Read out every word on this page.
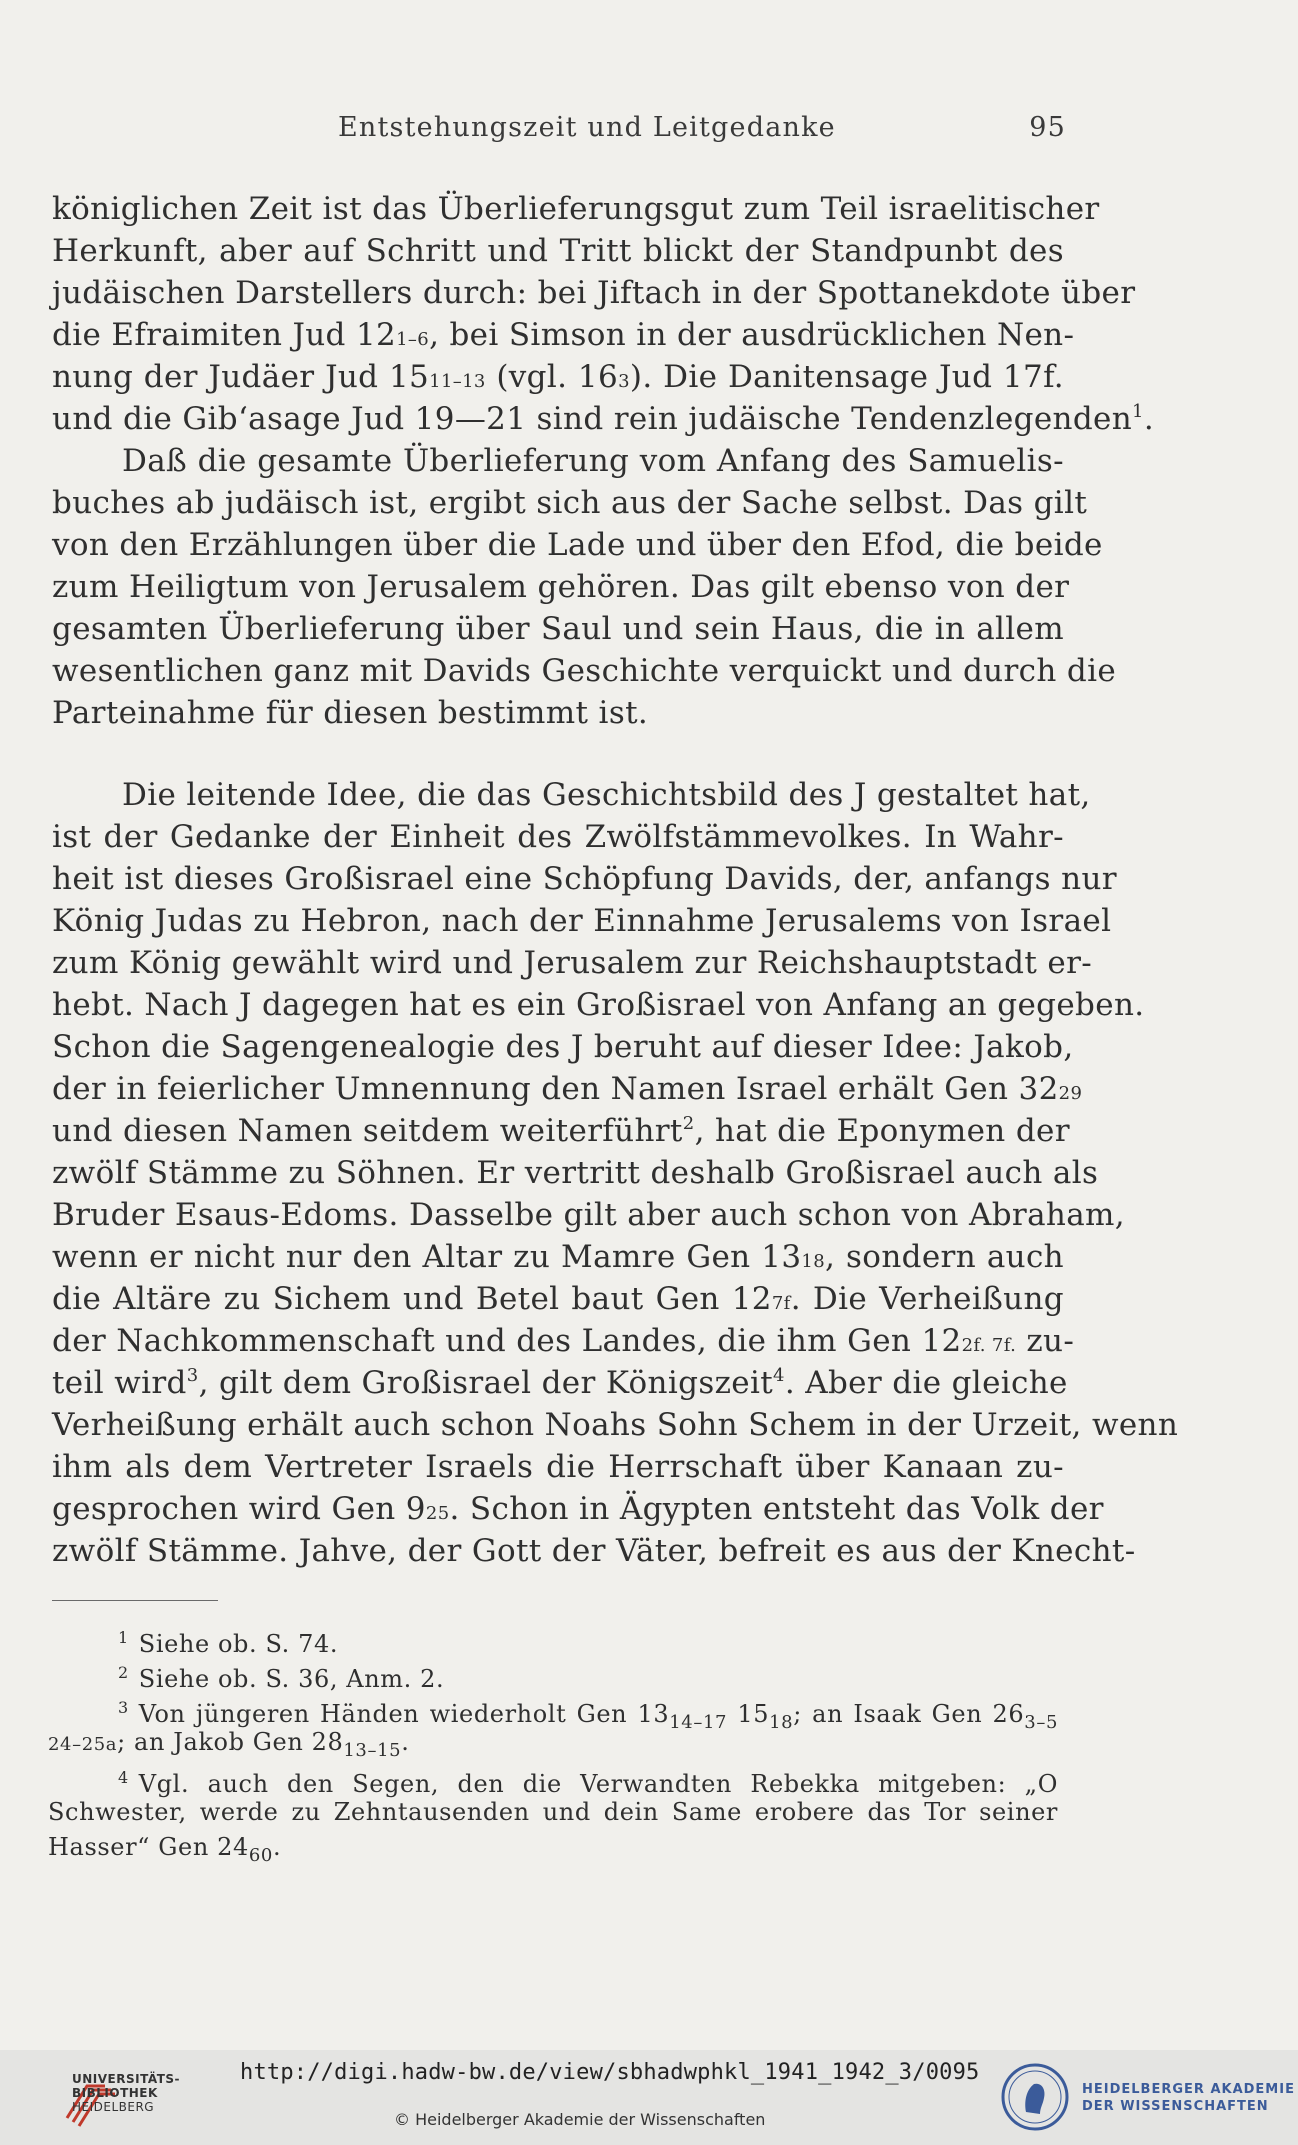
Entstehungszeit und Leitgedanke	95
königlichen Zeit ist das Überlieferungsgut zum Teil israelitischer
Herkunft, aber auf Schritt und Tritt blickt der Standpunbt des
judäischen Darstellers durch: bei Jiftach in der Spottanekdote über
die Efraimiten Jud 121–6, bei Simson in der ausdrücklichen Nen-
nung der Judäer Jud 1511–13 (vgl. 163). Die Danitensage Jud 17f.
und die Gib‘asage Jud 19—21 sind rein judäische Tendenzlegenden$^1$.
Daß die gesamte Überlieferung vom Anfang des Samuelis-
buches ab judäisch ist, ergibt sich aus der Sache selbst. Das gilt
von den Erzählungen über die Lade und über den Efod, die beide
zum Heiligtum von Jerusalem gehören. Das gilt ebenso von der
gesamten Überlieferung über Saul und sein Haus, die in allem
wesentlichen ganz mit Davids Geschichte verquickt und durch die
Parteinahme für diesen bestimmt ist.
Die leitende Idee, die das Geschichtsbild des J gestaltet hat,
ist der Gedanke der Einheit des Zwölfstämmevolkes. In Wahr-
heit ist dieses Großisrael eine Schöpfung Davids, der, anfangs nur
König Judas zu Hebron, nach der Einnahme Jerusalems von Israel
zum König gewählt wird und Jerusalem zur Reichshauptstadt er-
hebt. Nach J dagegen hat es ein Großisrael von Anfang an gegeben.
Schon die Sagengenealogie des J beruht auf dieser Idee: Jakob,
der in feierlicher Umnennung den Namen Israel erhält Gen 3229
und diesen Namen seitdem weiterführt$^2$, hat die Eponymen der
zwölf Stämme zu Söhnen. Er vertritt deshalb Großisrael auch als
Bruder Esaus-Edoms. Dasselbe gilt aber auch schon von Abraham,
wenn er nicht nur den Altar zu Mamre Gen 1318, sondern auch
die Altäre zu Sichem und Betel baut Gen 127f. Die Verheißung
der Nachkommenschaft und des Landes, die ihm Gen 122f. 7f. zu-
teil wird$^3$, gilt dem Großisrael der Königszeit$^4$. Aber die gleiche
Verheißung erhält auch schon Noahs Sohn Schem in der Urzeit, wenn
ihm als dem Vertreter Israels die Herrschaft über Kanaan zu-
gesprochen wird Gen 925. Schon in Ägypten entsteht das Volk der
zwölf Stämme. Jahve, der Gott der Väter, befreit es aus der Knecht-
$^1$ Siehe ob. S. 74.
$^2$ Siehe ob. S. 36, Anm. 2.
$^3$ Von jüngeren Händen wiederholt Gen $13_{14-17}$ $15_{18}$; an Isaak Gen $26_{3-5}$
24–25a; an Jakob Gen $28_{13-15}$.
$^4$ Vgl. auch den Segen, den die Verwandten Rebekka mitgeben: „O
Schwester, werde zu Zehntausenden und dein Same erobere das Tor seiner
Hasser“ Gen $24_{60}$.
UNIVERSITÄTS-
BIBLIOTHEK
HEIDELBERG
http://digi.hadw-bw.de/view/sbhadwphkl_1941_1942_3/0095
© Heidelberger Akademie der Wissenschaften
HEIDELBERGER AKADEMIE
DER WISSENSCHAFTEN
